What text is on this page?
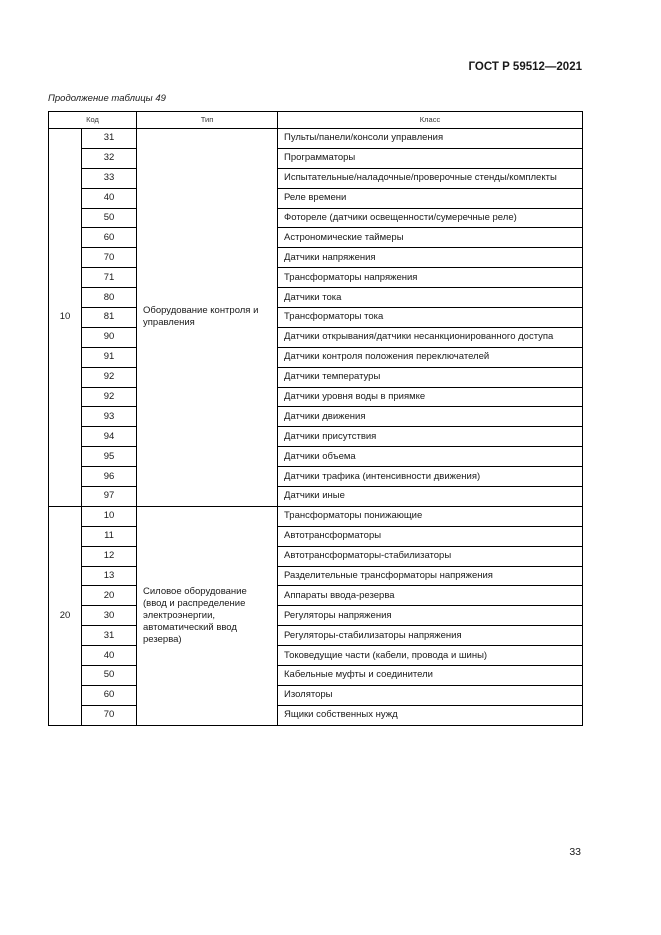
ГОСТ Р 59512—2021
Продолжение таблицы 49
Код		Тип	Класс
10	31	Оборудование контроля и управления	Пульты/панели/консоли управления
	32		Программаторы
	33		Испытательные/наладочные/проверочные стенды/комплекты
	40		Реле времени
	50		Фотореле (датчики освещенности/сумеречные реле)
	60		Астрономические таймеры
	70		Датчики напряжения
	71		Трансформаторы напряжения
	80		Датчики тока
	81		Трансформаторы тока
	90		Датчики открывания/датчики несанкционированного доступа
	91		Датчики контроля положения переключателей
	92		Датчики температуры
	92		Датчики уровня воды в приямке
	93		Датчики движения
	94		Датчики присутствия
	95		Датчики объема
	96		Датчики трафика (интенсивности движения)
	97		Датчики иные
20	10	Силовое оборудование (ввод и распределение электроэнергии, автоматический ввод резерва)	Трансформаторы понижающие
	11		Автотрансформаторы
	12		Автотрансформаторы-стабилизаторы
	13		Разделительные трансформаторы напряжения
	20		Аппараты ввода-резерва
	30		Регуляторы напряжения
	31		Регуляторы-стабилизаторы напряжения
	40		Токоведущие части (кабели, провода и шины)
	50		Кабельные муфты и соединители
	60		Изоляторы
	70		Ящики собственных нужд
33
